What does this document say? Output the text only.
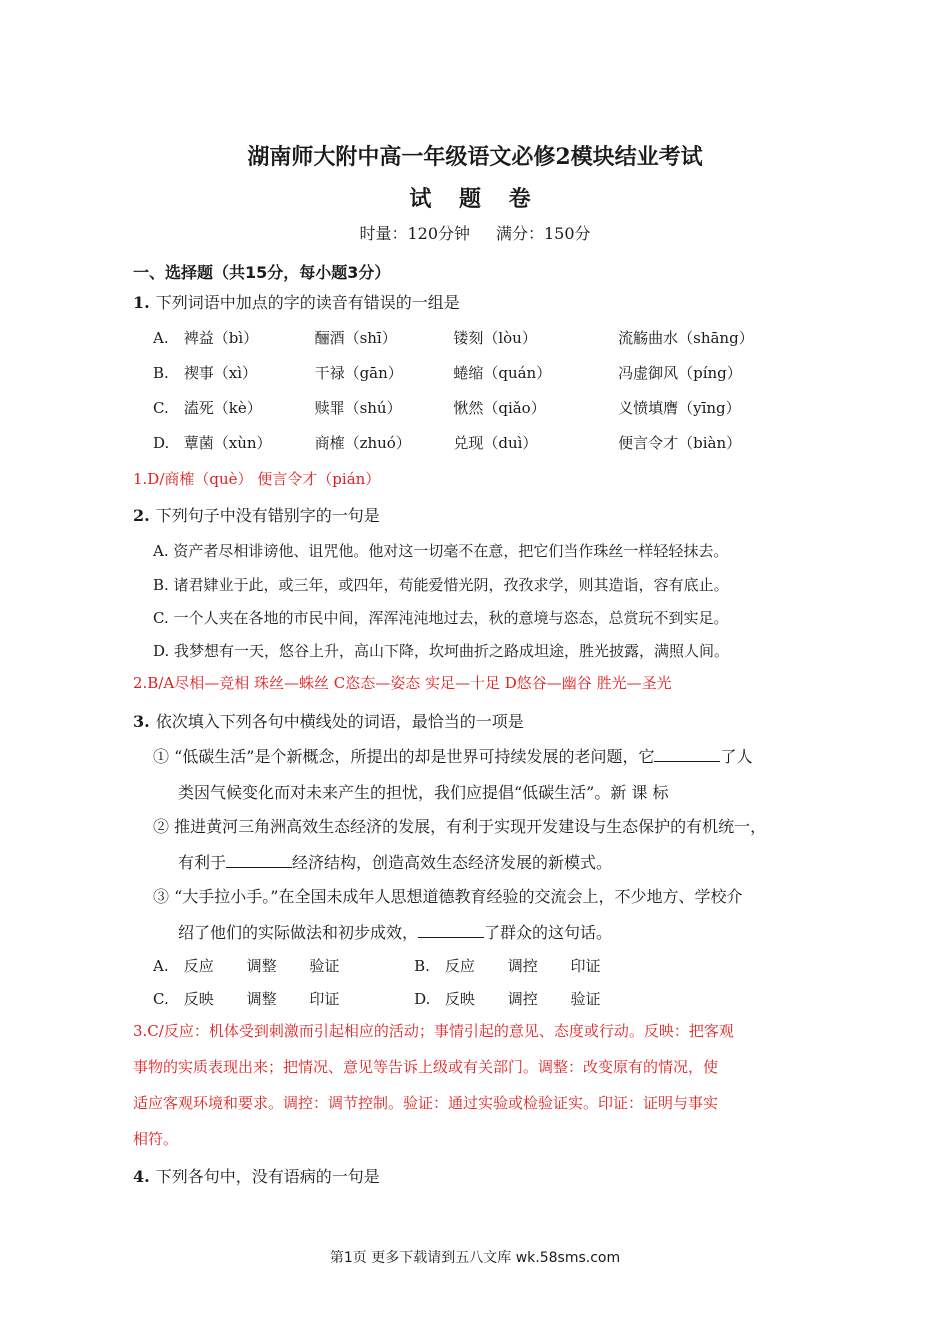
湖南师大附中高一年级语文必修2模块结业考试
试 题 卷
时量：120分钟 满分：150分
一、选择题（共15分，每小题3分）
1. 下列词语中加点的字的读音有错误的一组是
A. 裨益（bì）	酾酒（shī）	镂刻（lòu）	流觞曲水（shāng）
B. 禊事（xì）	干禄（gān）	蜷缩（quán）	冯虚御风（píng）
C. 溘死（kè）	赎罪（shú）	愀然（qiǎo）	义愤填膺（yīng）
D. 蕈菌（xùn）	商榷（zhuó）	兑现（duì）	便言令才（biàn）
1.D/商榷（què） 便言令才（pián）
2. 下列句子中没有错别字的一句是
A. 资产者尽相诽谤他、诅咒他。他对这一切毫不在意，把它们当作珠丝一样轻轻抹去。
B. 诸君肄业于此，或三年，或四年，苟能爱惜光阴，孜孜求学，则其造诣，容有底止。
C. 一个人夹在各地的市民中间，浑浑沌沌地过去，秋的意境与恣态，总赏玩不到实足。
D. 我梦想有一天，悠谷上升，高山下降，坎坷曲折之路成坦途，胜光披露，满照人间。
2.B/A尽相—竞相 珠丝—蛛丝 C恣态—姿态 实足—十足 D悠谷—幽谷 胜光—圣光
3. 依次填入下列各句中横线处的词语，最恰当的一项是
① “低碳生活”是个新概念，所提出的却是世界可持续发展的老问题，它	了人
类因气候变化而对未来产生的担忧，我们应提倡“低碳生活”。新 课 标
② 推进黄河三角洲高效生态经济的发展，有利于实现开发建设与生态保护的有机统一，
有利于	经济结构，创造高效生态经济发展的新模式。
③ “大手拉小手。”在全国未成年人思想道德教育经验的交流会上，不少地方、学校介
绍了他们的实际做法和初步成效，	了群众的这句话。
A. 反应 调整 验证	B. 反应 调控 印证
C. 反映 调整 印证	D. 反映 调控 验证
3.C/反应：机体受到刺激而引起相应的活动；事情引起的意见、态度或行动。反映：把客观
事物的实质表现出来；把情况、意见等告诉上级或有关部门。调整：改变原有的情况，使
适应客观环境和要求。调控：调节控制。验证：通过实验或检验证实。印证：证明与事实
相符。
4. 下列各句中，没有语病的一句是
第1页 更多下载请到五八文库 wk.58sms.com
